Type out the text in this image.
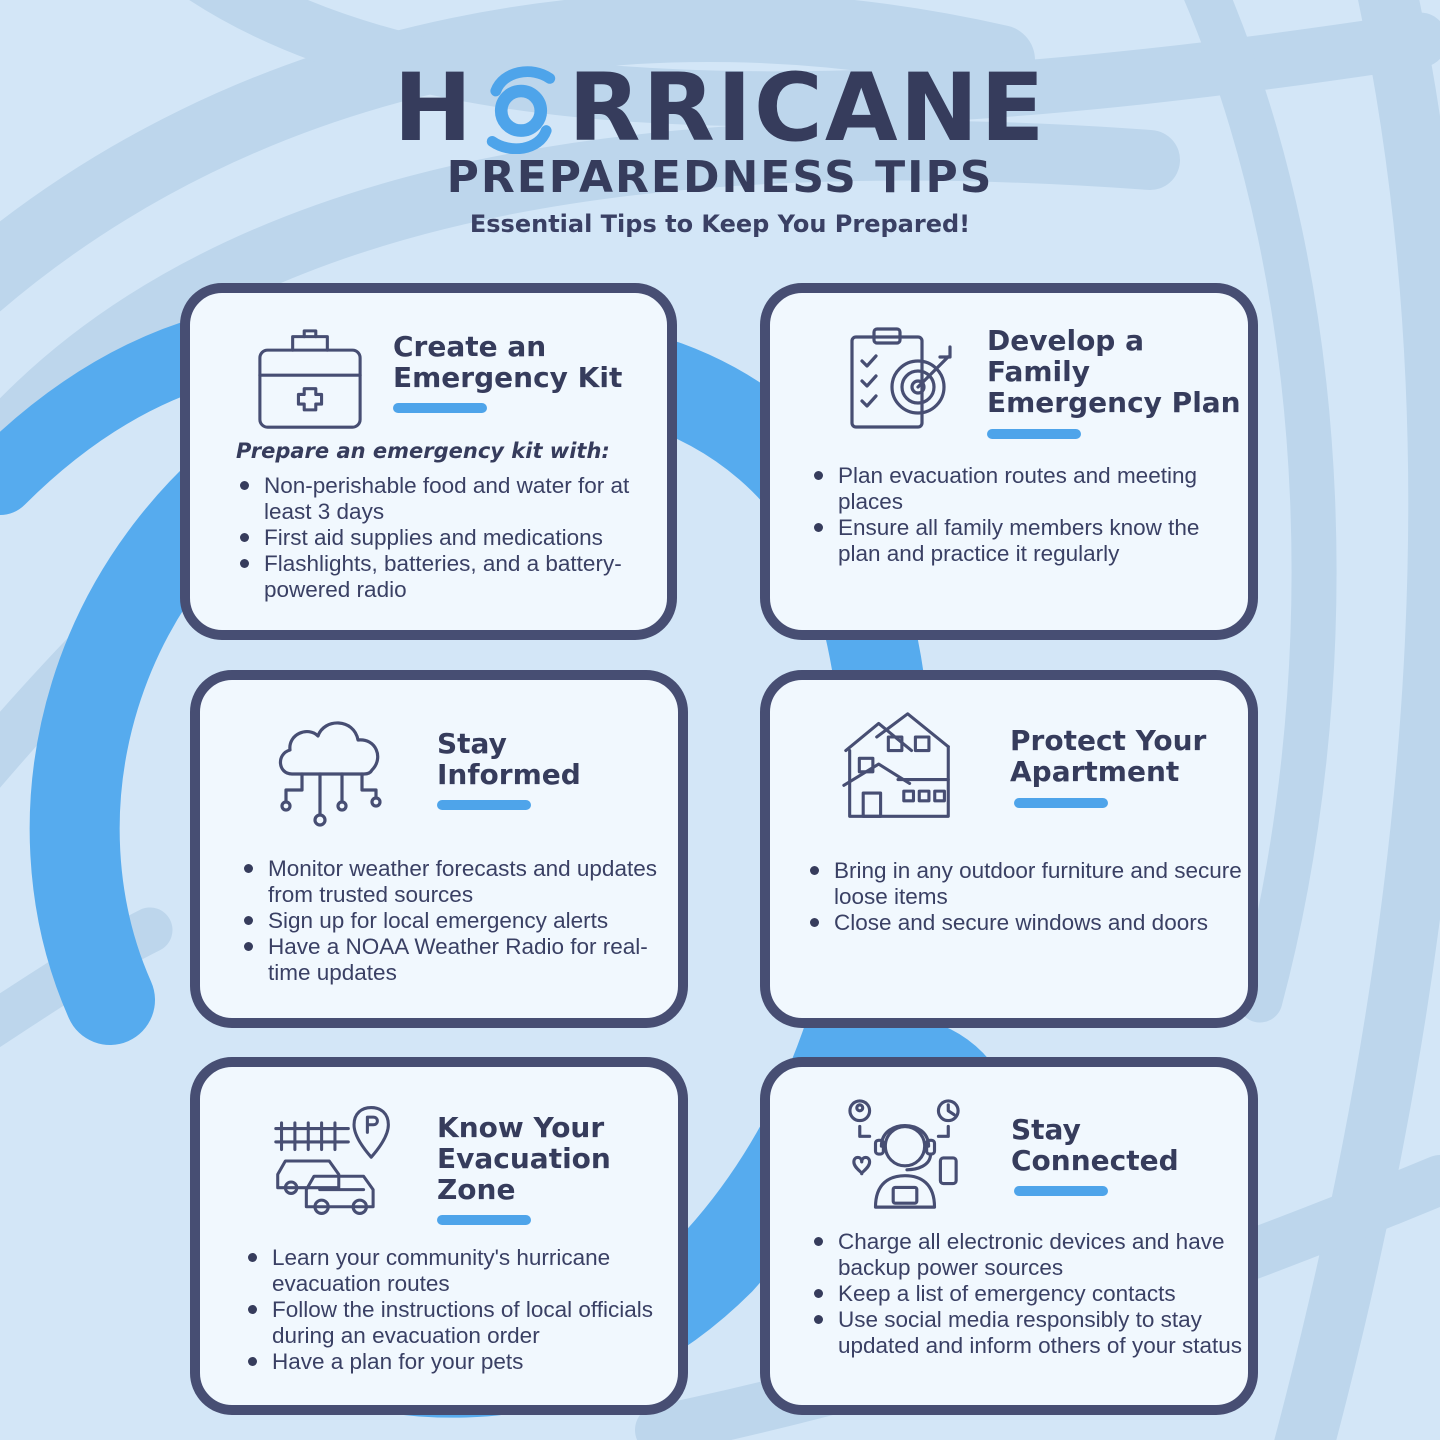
H RRICANE
PREPAREDNESS TIPS
Essential Tips to Keep You Prepared!
Create an
Emergency Kit

Prepare an emergency kit with:

Non-perishable food and water for at least 3 days
First aid supplies and medications
Flashlights, batteries, and a battery-powered radio
Develop a
Family
Emergency Plan
Plan evacuation routes and meeting places
Ensure all family members know the plan and practice it regularly
Stay
Informed
Monitor weather forecasts and updates from trusted sources
Sign up for local emergency alerts
Have a NOAA Weather Radio for real-time updates
Protect Your
Apartment
Bring in any outdoor furniture and secure loose items
Close and secure windows and doors
Know Your
Evacuation
Zone
Learn your community's hurricane evacuation routes
Follow the instructions of local officials during an evacuation order
Have a plan for your pets
Stay
Connected
Charge all electronic devices and have backup power sources
Keep a list of emergency contacts
Use social media responsibly to stay updated and inform others of your status
